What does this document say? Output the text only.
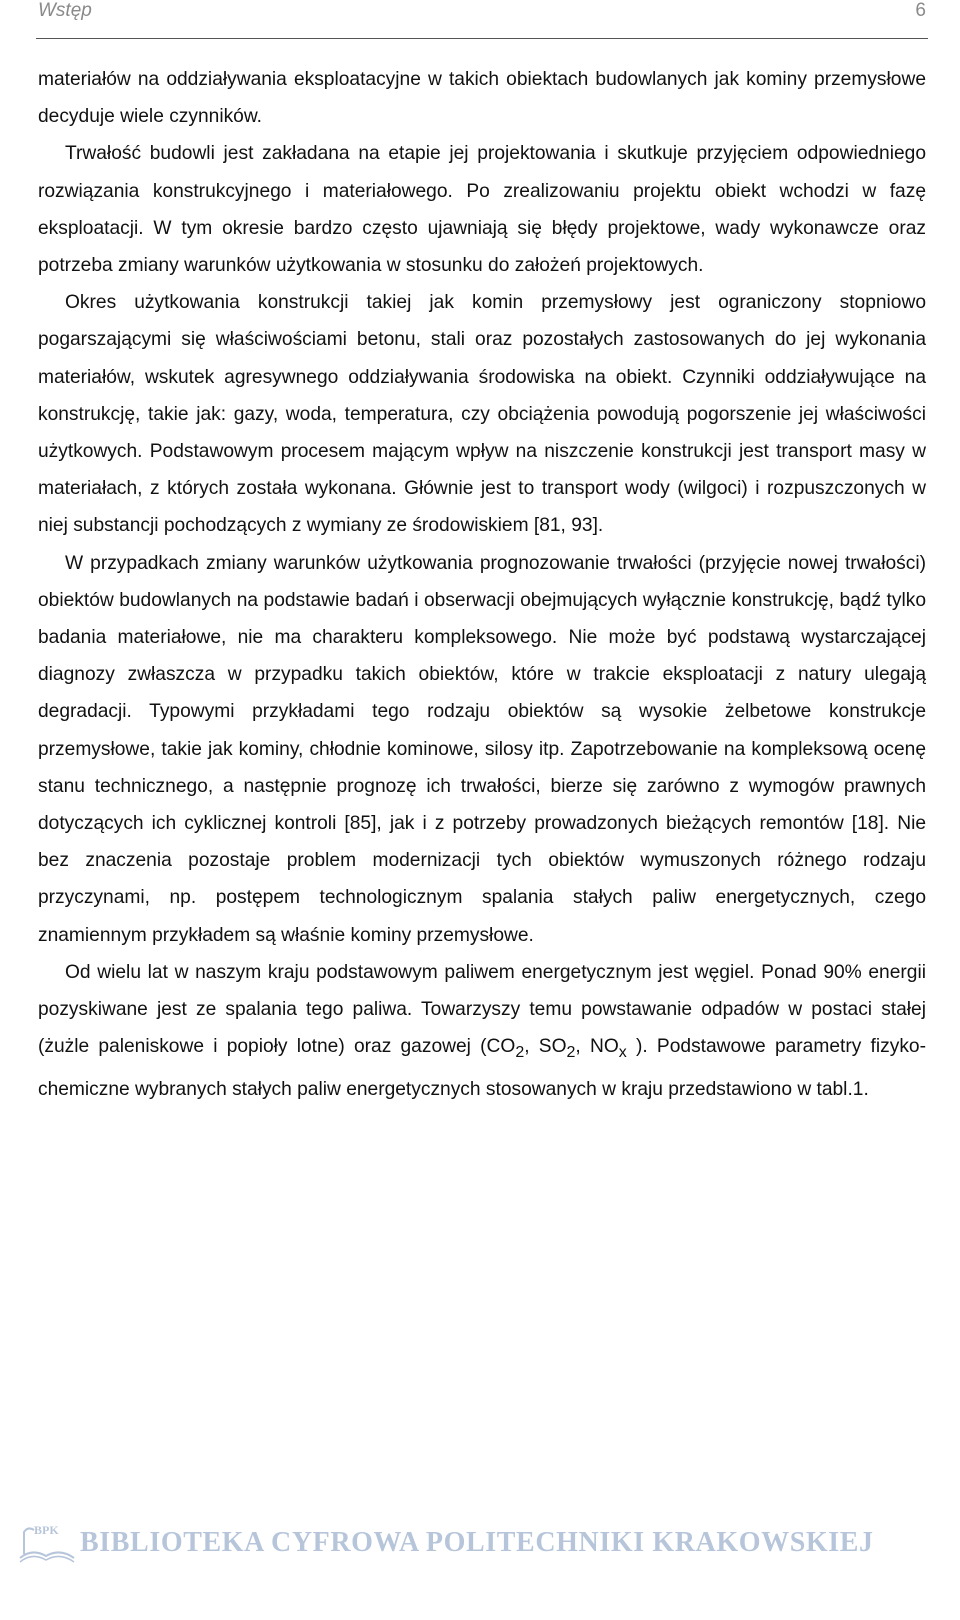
Wstęp	6

materiałów na oddziaływania eksploatacyjne w takich obiektach budowlanych jak kominy przemysłowe decyduje wiele czynników.

Trwałość budowli jest zakładana na etapie jej projektowania i skutkuje przyjęciem odpowiedniego rozwiązania konstrukcyjnego i materiałowego. Po zrealizowaniu projektu obiekt wchodzi w fazę eksploatacji. W tym okresie bardzo często ujawniają się błędy projektowe, wady wykonawcze oraz potrzeba zmiany warunków użytkowania w stosunku do założeń projektowych.

Okres użytkowania konstrukcji takiej jak komin przemysłowy jest ograniczony stopniowo pogarszającymi się właściwościami betonu, stali oraz pozostałych zastosowanych do jej wykonania materiałów, wskutek agresywnego oddziaływania środowiska na obiekt. Czynniki oddziaływujące na konstrukcję, takie jak: gazy, woda, temperatura, czy obciążenia powodują pogorszenie jej właściwości użytkowych. Podstawowym procesem mającym wpływ na niszczenie konstrukcji jest transport masy w materiałach, z których została wykonana. Głównie jest to transport wody (wilgoci) i rozpuszczonych w niej substancji pochodzących z wymiany ze środowiskiem [81, 93].

W przypadkach zmiany warunków użytkowania prognozowanie trwałości (przyjęcie nowej trwałości) obiektów budowlanych na podstawie badań i obserwacji obejmujących wyłącznie konstrukcję, bądź tylko badania materiałowe, nie ma charakteru kompleksowego. Nie może być podstawą wystarczającej diagnozy zwłaszcza w przypadku takich obiektów, które w trakcie eksploatacji z natury ulegają degradacji. Typowymi przykładami tego rodzaju obiektów są wysokie żelbetowe konstrukcje przemysłowe, takie jak kominy, chłodnie kominowe, silosy itp. Zapotrzebowanie na kompleksową ocenę stanu technicznego, a następnie prognozę ich trwałości, bierze się zarówno z wymogów prawnych dotyczących ich cyklicznej kontroli [85], jak i z potrzeby prowadzonych bieżących remontów [18]. Nie bez znaczenia pozostaje problem modernizacji tych obiektów wymuszonych różnego rodzaju przyczynami, np. postępem technologicznym spalania stałych paliw energetycznych, czego znamiennym przykładem są właśnie kominy przemysłowe.

Od wielu lat w naszym kraju podstawowym paliwem energetycznym jest węgiel. Ponad 90% energii pozyskiwane jest ze spalania tego paliwa. Towarzyszy temu powstawanie odpadów w postaci stałej (żużle paleniskowe i popioły lotne) oraz gazowej ($CO_2$, $SO_2$, $NO_x$ ). Podstawowe parametry fizyko-chemiczne wybranych stałych paliw energetycznych stosowanych w kraju przedstawiono w tabl.1.

BPK BIBLIOTEKA CYFROWA POLITECHNIKI KRAKOWSKIEJ
